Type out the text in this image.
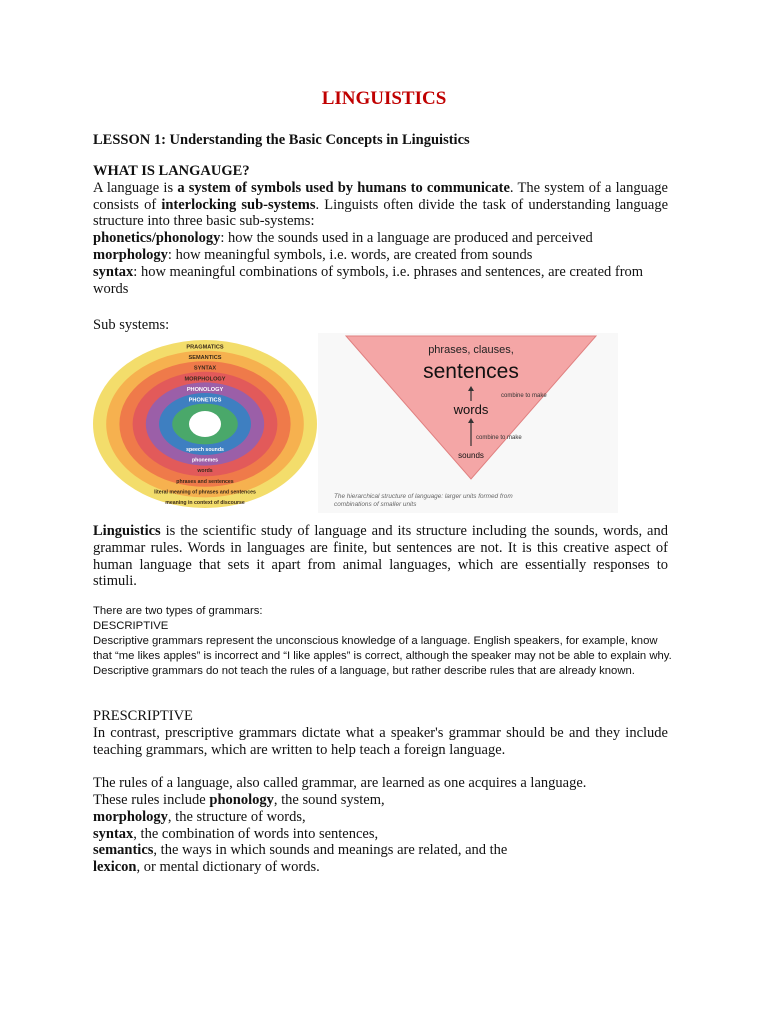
LINGUISTICS
LESSON 1: Understanding the Basic Concepts in Linguistics

WHAT IS LANGAUGE?

A language is a system of symbols used by humans to communicate. The system of a language consists of interlocking sub-systems. Linguists often divide the task of understanding language structure into three basic sub-systems:

phonetics/phonology: how the sounds used in a language are produced and perceived

morphology: how meaningful symbols, i.e. words, are created from sounds

syntax: how meaningful combinations of symbols, i.e. phrases and sentences, are created from words

Sub systems:
PRAGMATICS
meaning in context of discourse
SEMANTICS
literal meaning of phrases and sentences
SYNTAX
phrases and sentences
MORPHOLOGY
words
PHONOLOGY
phonemes
PHONETICS
speech sounds
phrases, clauses,
sentences
combine to make
words
combine to make
sounds
The hierarchical structure of language: larger units formed from
combinations of smaller units

Linguistics is the scientific study of language and its structure including the sounds, words, and grammar rules. Words in languages are finite, but sentences are not. It is this creative aspect of human language that sets it apart from animal languages, which are essentially responses to stimuli.

There are two types of grammars:

DESCRIPTIVE

Descriptive grammars represent the unconscious knowledge of a language. English speakers, for example, know that “me likes apples” is incorrect and “I like apples” is correct, although the speaker may not be able to explain why. Descriptive grammars do not teach the rules of a language, but rather describe rules that are already known.

PRESCRIPTIVE

In contrast, prescriptive grammars dictate what a speaker's grammar should be and they include teaching grammars, which are written to help teach a foreign language.

The rules of a language, also called grammar, are learned as one acquires a language.

These rules include phonology, the sound system,

morphology, the structure of words,

syntax, the combination of words into sentences,

semantics, the ways in which sounds and meanings are related, and the

lexicon, or mental dictionary of words.
